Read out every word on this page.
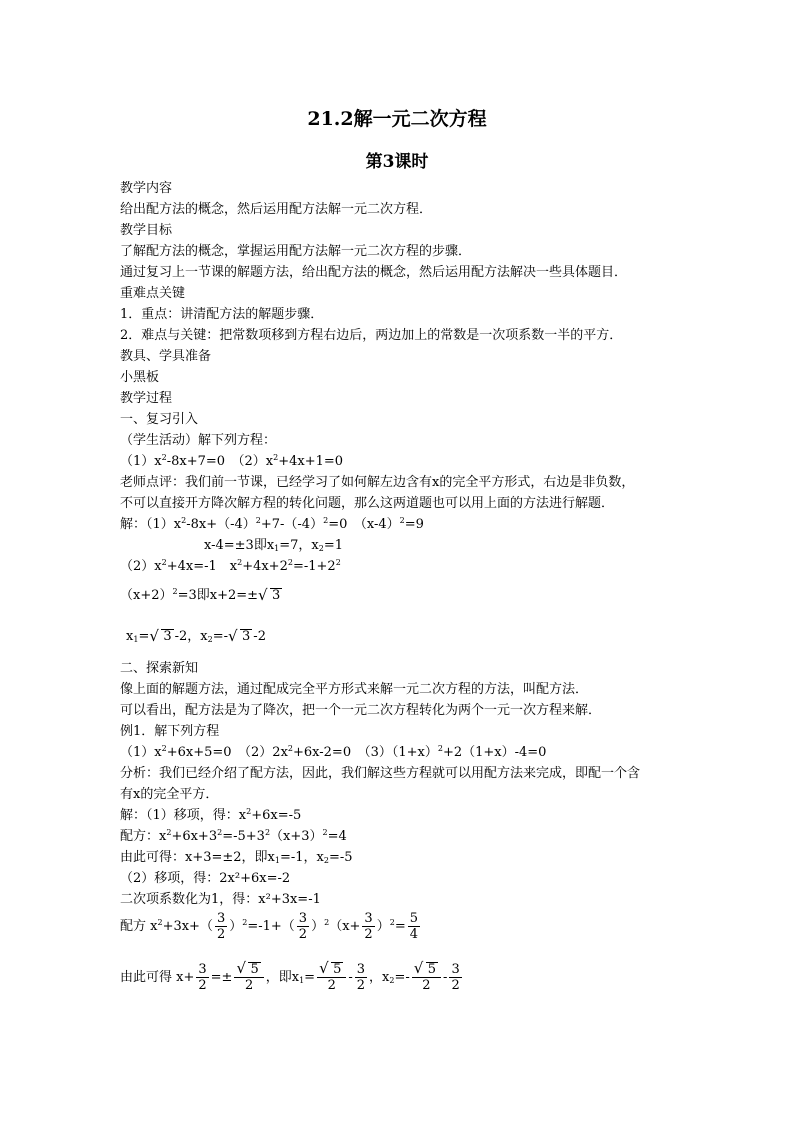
21.2解一元二次方程
第3课时
教学内容
给出配方法的概念，然后运用配方法解一元二次方程．
教学目标
了解配方法的概念，掌握运用配方法解一元二次方程的步骤．
通过复习上一节课的解题方法，给出配方法的概念，然后运用配方法解决一些具体题目．
重难点关键
1．重点：讲清配方法的解题步骤．
2．难点与关键：把常数项移到方程右边后，两边加上的常数是一次项系数一半的平方．
教具、学具准备
小黑板
教学过程
一、复习引入
（学生活动）解下列方程：
$(1)x^2-8x+7=0$　$(2)x^2+4x+1=0$
老师点评：我们前一节课，已经学习了如何解左边含有x的完全平方形式，右边是非负数，
不可以直接开方降次解方程的转化问题，那么这两道题也可以用上面的方法进行解题．
解：$(1)x^2-8x+(-4)^2+7-(-4)^2=0$　$(x-4)^2=9$
x-4=±3即$x_1=7$，$x_2=1$
$(2)x^2+4x=-1$　$x^2+4x+2^2=-1+2^2$
$(x+2)^2=3$即x+2=±√ 3
$x_1=√$ 3 -2，$x_2=-√$ 3 -2
二、探索新知
像上面的解题方法，通过配成完全平方形式来解一元二次方程的方法，叫配方法．
可以看出，配方法是为了降次，把一个一元二次方程转化为两个一元一次方程来解．
例1．解下列方程
$(1)x^2+6x+5=0$　$(2)2x^2+6x-2=0$　$(3)(1+x)^2+2(1+x)-4=0$
分析：我们已经介绍了配方法，因此，我们解这些方程就可以用配方法来完成，即配一个含
有x的完全平方．
解：（1）移项，得：$x^2+6x=-5$
配方：$x^2+6x+3^2=-5+3^2(x+3)^2=4$
由此可得：x+3=±2，即$x_1=-1$，$x_2=-5$
（2）移项，得：2x²+6x=-2
二次项系数化为1，得：x²+3x=-1
配方 $x^2+3x+( \frac{3}{2} )^2=-1+( \frac{3}{2} )^2(x+ \frac{3}{2} )^2= \frac{5}{4}$
由此可得 $x+ \frac{3}{2}$ =±
√ $\frac{5}{2}$ ，即$x_1=$
√ $\frac{5}{2} - \frac{3}{2}$ ，$x_2=-$
√ $\frac{5}{2} - \frac{3}{2}$
